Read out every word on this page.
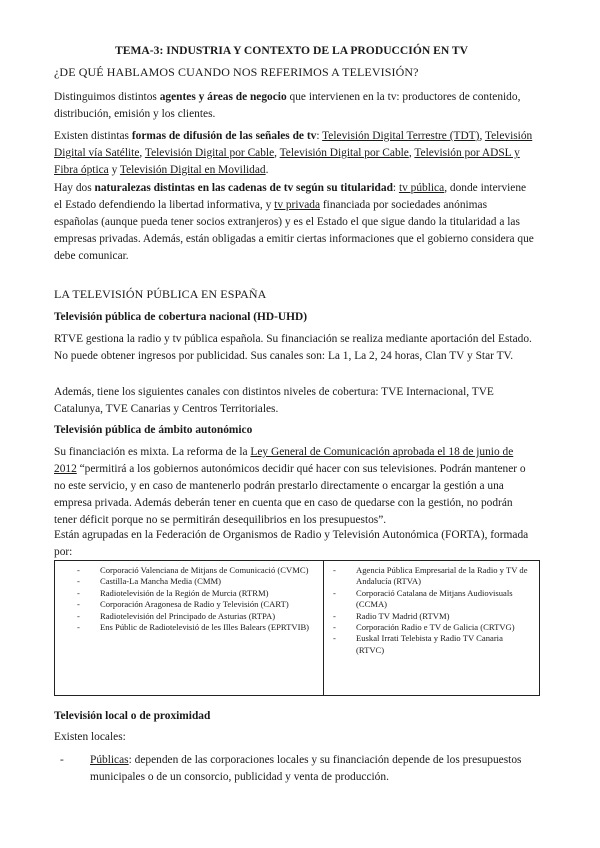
TEMA-3: INDUSTRIA Y CONTEXTO DE LA PRODUCCIÓN EN TV

¿DE QUÉ HABLAMOS CUANDO NOS REFERIMOS A TELEVISIÓN?

Distinguimos distintos agentes y áreas de negocio que intervienen en la tv: productores de contenido, distribución, emisión y los clientes.

Existen distintas formas de difusión de las señales de tv: Televisión Digital Terrestre (TDT), Televisión Digital vía Satélite, Televisión Digital por Cable, Televisión Digital por Cable, Televisión por ADSL y Fibra óptica y Televisión Digital en Movilidad.

Hay dos naturalezas distintas en las cadenas de tv según su titularidad: tv pública, donde interviene el Estado defendiendo la libertad informativa, y tv privada financiada por sociedades anónimas españolas (aunque pueda tener socios extranjeros) y es el Estado el que sigue dando la titularidad a las empresas privadas. Además, están obligadas a emitir ciertas informaciones que el gobierno considera que debe comunicar.

LA TELEVISIÓN PÚBLICA EN ESPAÑA

Televisión pública de cobertura nacional (HD-UHD)

RTVE gestiona la radio y tv pública española. Su financiación se realiza mediante aportación del Estado. No puede obtener ingresos por publicidad. Sus canales son: La 1, La 2, 24 horas, Clan TV y Star TV.

Además, tiene los siguientes canales con distintos niveles de cobertura: TVE Internacional, TVE Catalunya, TVE Canarias y Centros Territoriales.

Televisión pública de ámbito autonómico

Su financiación es mixta. La reforma de la Ley General de Comunicación aprobada el 18 de junio de 2012 “permitirá a los gobiernos autonómicos decidir qué hacer con sus televisiones. Podrán mantener o no este servicio, y en caso de mantenerlo podrán prestarlo directamente o encargar la gestión a una empresa privada. Además deberán tener en cuenta que en caso de quedarse con la gestión, no podrán tener déficit porque no se permitirán desequilibrios en los presupuestos”.

Están agrupadas en la Federación de Organismos de Radio y Televisión Autonómica (FORTA), formada por:

- Corporació Valenciana de Mitjans de Comunicació (CVMC)
- Castilla-La Mancha Media (CMM)
- Radiotelevisión de la Región de Murcia (RTRM)
- Corporación Aragonesa de Radio y Televisión (CART)
- Radiotelevisión del Principado de Asturias (RTPA)
- Ens Públic de Radiotelevisió de les Illes Balears (EPRTVIB)
- Agencia Pública Empresarial de la Radio y TV de Andalucía (RTVA)
- Corporació Catalana de Mitjans Audiovisuals (CCMA)
- Radio TV Madrid (RTVM)
- Corporación Radio e TV de Galicia (CRTVG)
- Euskal Irrati Telebista y Radio TV Canaria (RTVC)

Televisión local o de proximidad

Existen locales:

- Públicas: dependen de las corporaciones locales y su financiación depende de los presupuestos municipales o de un consorcio, publicidad y venta de producción.
